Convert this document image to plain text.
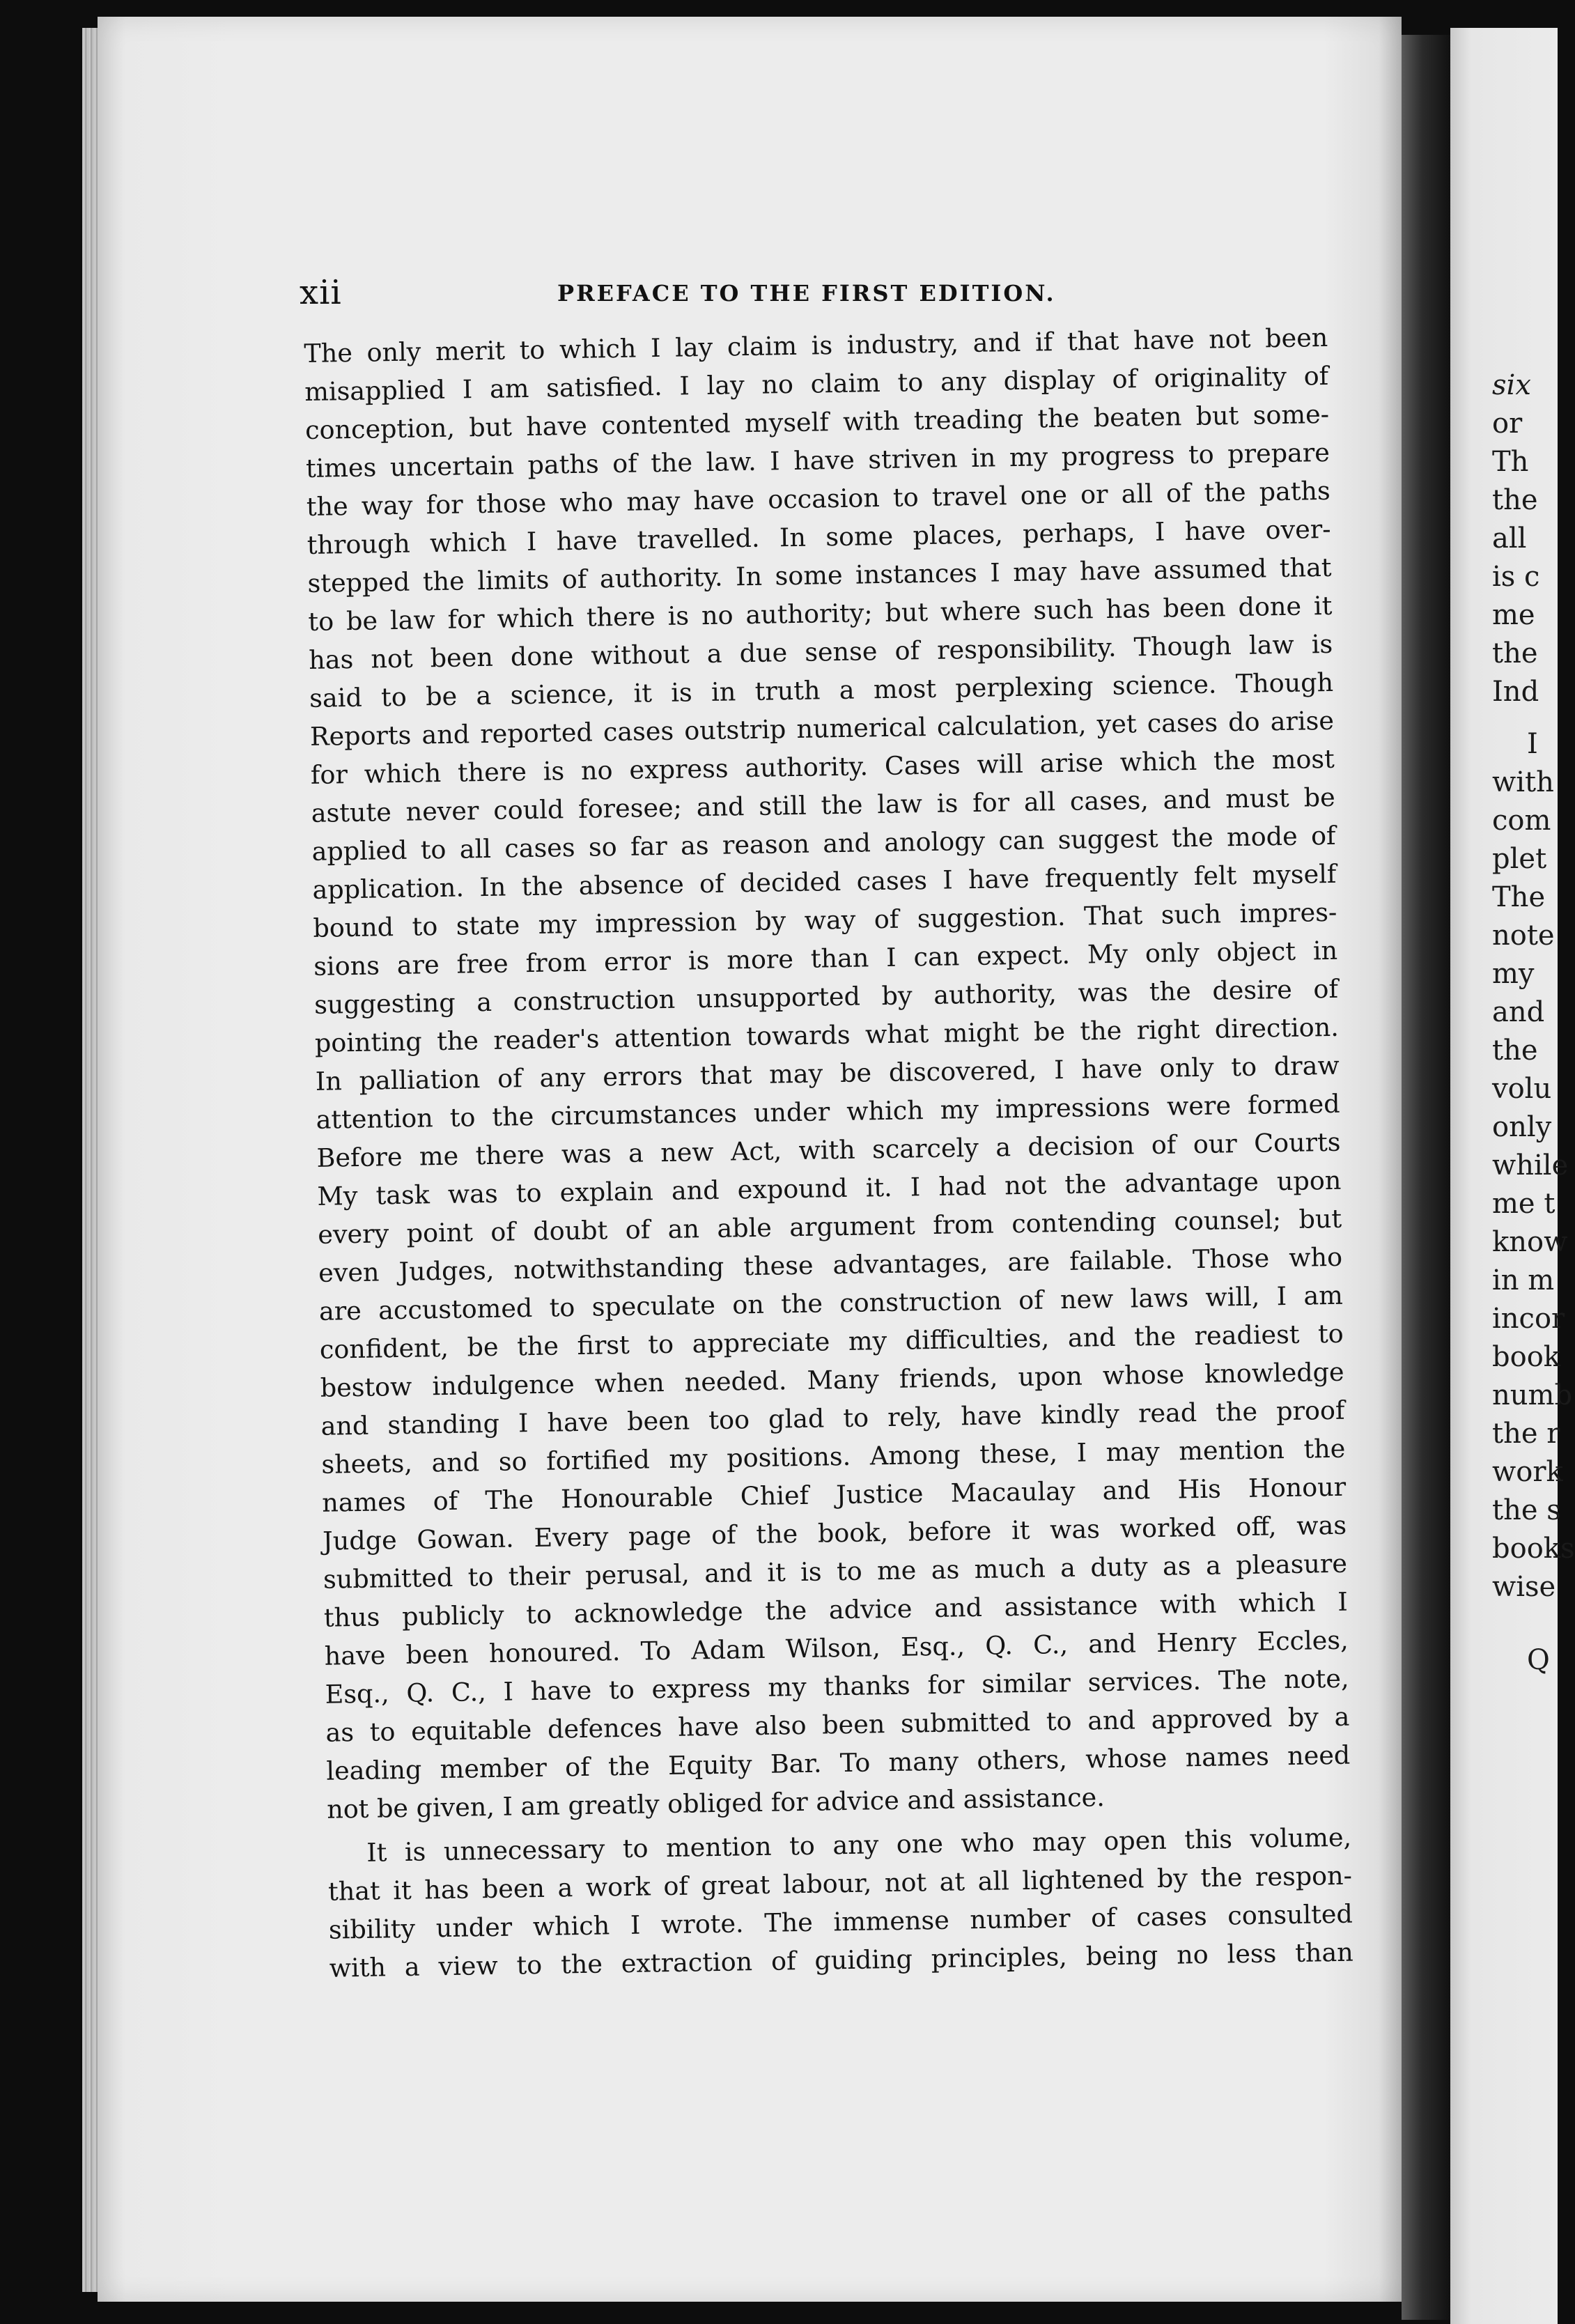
six
or
Th
the
all
is c
me
the
Ind
I
with
com
plet
The
note
my
and
the
volu
only
while
me t
know
in m
incor
book
numb
the r
work
the s
books
wise
Q
xii	PREFACE TO THE FIRST EDITION.
The only merit to which I lay claim is industry, and if that have not been
misapplied I am satisfied. I lay no claim to any display of originality of
conception, but have contented myself with treading the beaten but some-
times uncertain paths of the law. I have striven in my progress to prepare
the way for those who may have occasion to travel one or all of the paths
through which I have travelled. In some places, perhaps, I have over-
stepped the limits of authority. In some instances I may have assumed that
to be law for which there is no authority; but where such has been done it
has not been done without a due sense of responsibility. Though law is
said to be a science, it is in truth a most perplexing science. Though
Reports and reported cases outstrip numerical calculation, yet cases do arise
for which there is no express authority. Cases will arise which the most
astute never could foresee; and still the law is for all cases, and must be
applied to all cases so far as reason and anology can suggest the mode of
application. In the absence of decided cases I have frequently felt myself
bound to state my impression by way of suggestion. That such impres-
sions are free from error is more than I can expect. My only object in
suggesting a construction unsupported by authority, was the desire of
pointing the reader's attention towards what might be the right direction.
In palliation of any errors that may be discovered, I have only to draw
attention to the circumstances under which my impressions were formed
Before me there was a new Act, with scarcely a decision of our Courts
My task was to explain and expound it. I had not the advantage upon
every point of doubt of an able argument from contending counsel; but
even Judges, notwithstanding these advantages, are failable. Those who
are accustomed to speculate on the construction of new laws will, I am
confident, be the first to appreciate my difficulties, and the readiest to
bestow indulgence when needed. Many friends, upon whose knowledge
and standing I have been too glad to rely, have kindly read the proof
sheets, and so fortified my positions. Among these, I may mention the
names of The Honourable Chief Justice Macaulay and His Honour
Judge Gowan. Every page of the book, before it was worked off, was
submitted to their perusal, and it is to me as much a duty as a pleasure
thus publicly to acknowledge the advice and assistance with which I
have been honoured. To Adam Wilson, Esq., Q. C., and Henry Eccles,
Esq., Q. C., I have to express my thanks for similar services. The note,
as to equitable defences have also been submitted to and approved by a
leading member of the Equity Bar. To many others, whose names need
not be given, I am greatly obliged for advice and assistance.
It is unnecessary to mention to any one who may open this volume,
that it has been a work of great labour, not at all lightened by the respon-
sibility under which I wrote. The immense number of cases consulted
with a view to the extraction of guiding principles, being no less than
